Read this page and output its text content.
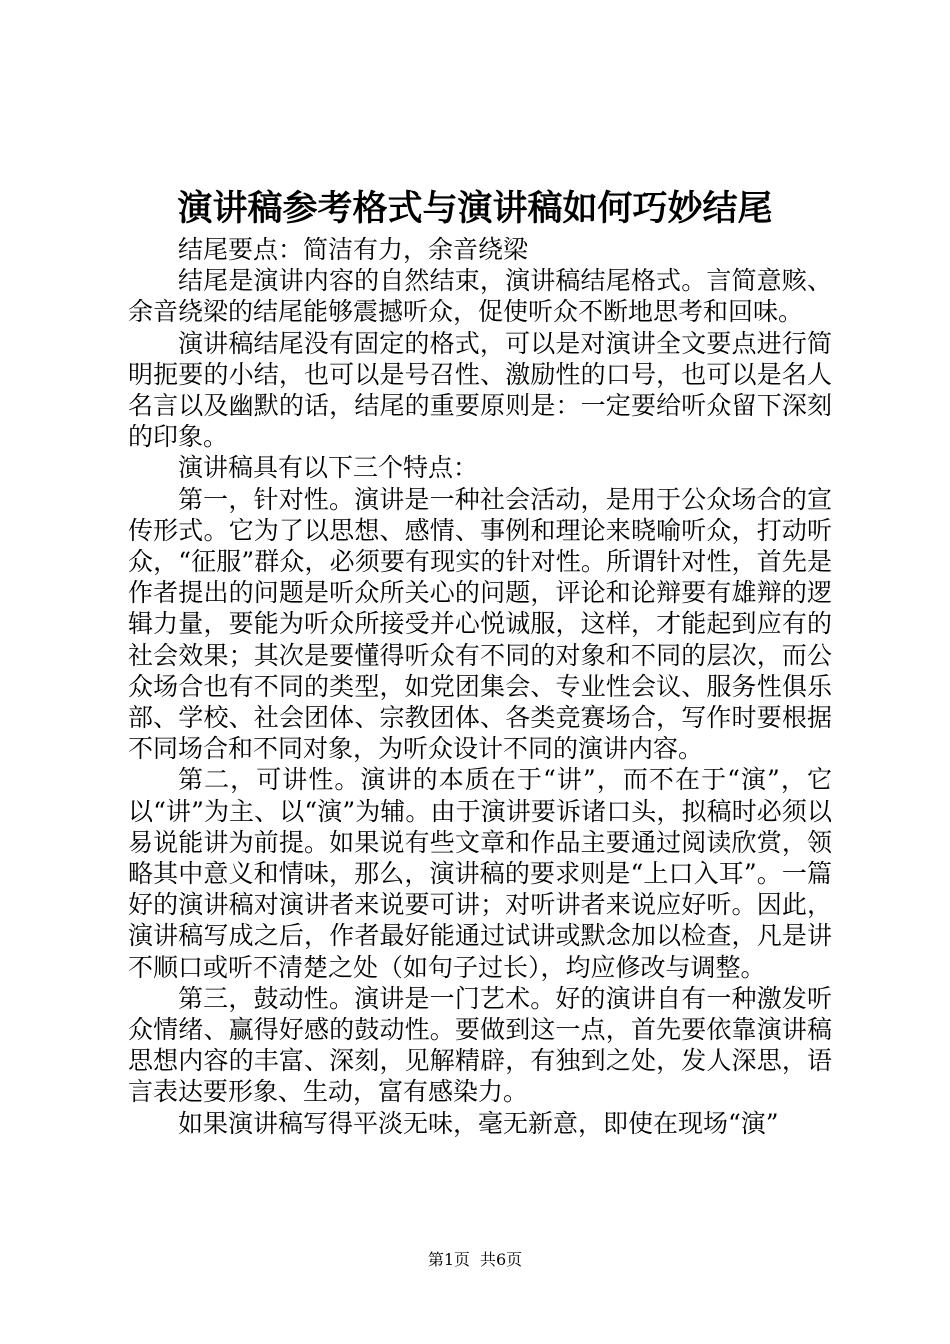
演讲稿参考格式与演讲稿如何巧妙结尾

结尾要点：简洁有力，余音绕梁

结尾是演讲内容的自然结束，演讲稿结尾格式。言简意赅、余音绕梁的结尾能够震撼听众，促使听众不断地思考和回味。

演讲稿结尾没有固定的格式，可以是对演讲全文要点进行简明扼要的小结，也可以是号召性、激励性的口号，也可以是名人名言以及幽默的话，结尾的重要原则是：一定要给听众留下深刻的印象。

演讲稿具有以下三个特点：

第一，针对性。演讲是一种社会活动，是用于公众场合的宣传形式。它为了以思想、感情、事例和理论来晓喻听众，打动听众，“征服”群众，必须要有现实的针对性。所谓针对性，首先是作者提出的问题是听众所关心的问题，评论和论辩要有雄辩的逻辑力量，要能为听众所接受并心悦诚服，这样，才能起到应有的社会效果；其次是要懂得听众有不同的对象和不同的层次，而公众场合也有不同的类型，如党团集会、专业性会议、服务性俱乐部、学校、社会团体、宗教团体、各类竞赛场合，写作时要根据不同场合和不同对象，为听众设计不同的演讲内容。

第二，可讲性。演讲的本质在于“讲”，而不在于“演”，它以“讲”为主、以“演”为辅。由于演讲要诉诸口头，拟稿时必须以易说能讲为前提。如果说有些文章和作品主要通过阅读欣赏，领略其中意义和情味，那么，演讲稿的要求则是“上口入耳”。一篇好的演讲稿对演讲者来说要可讲；对听讲者来说应好听。因此，演讲稿写成之后，作者最好能通过试讲或默念加以检查，凡是讲不顺口或听不清楚之处（如句子过长），均应修改与调整。

第三，鼓动性。演讲是一门艺术。好的演讲自有一种激发听众情绪、赢得好感的鼓动性。要做到这一点，首先要依靠演讲稿思想内容的丰富、深刻，见解精辟，有独到之处，发人深思，语言表达要形象、生动，富有感染力。

如果演讲稿写得平淡无味，毫无新意，即使在现场“演”

第1页 共6页
